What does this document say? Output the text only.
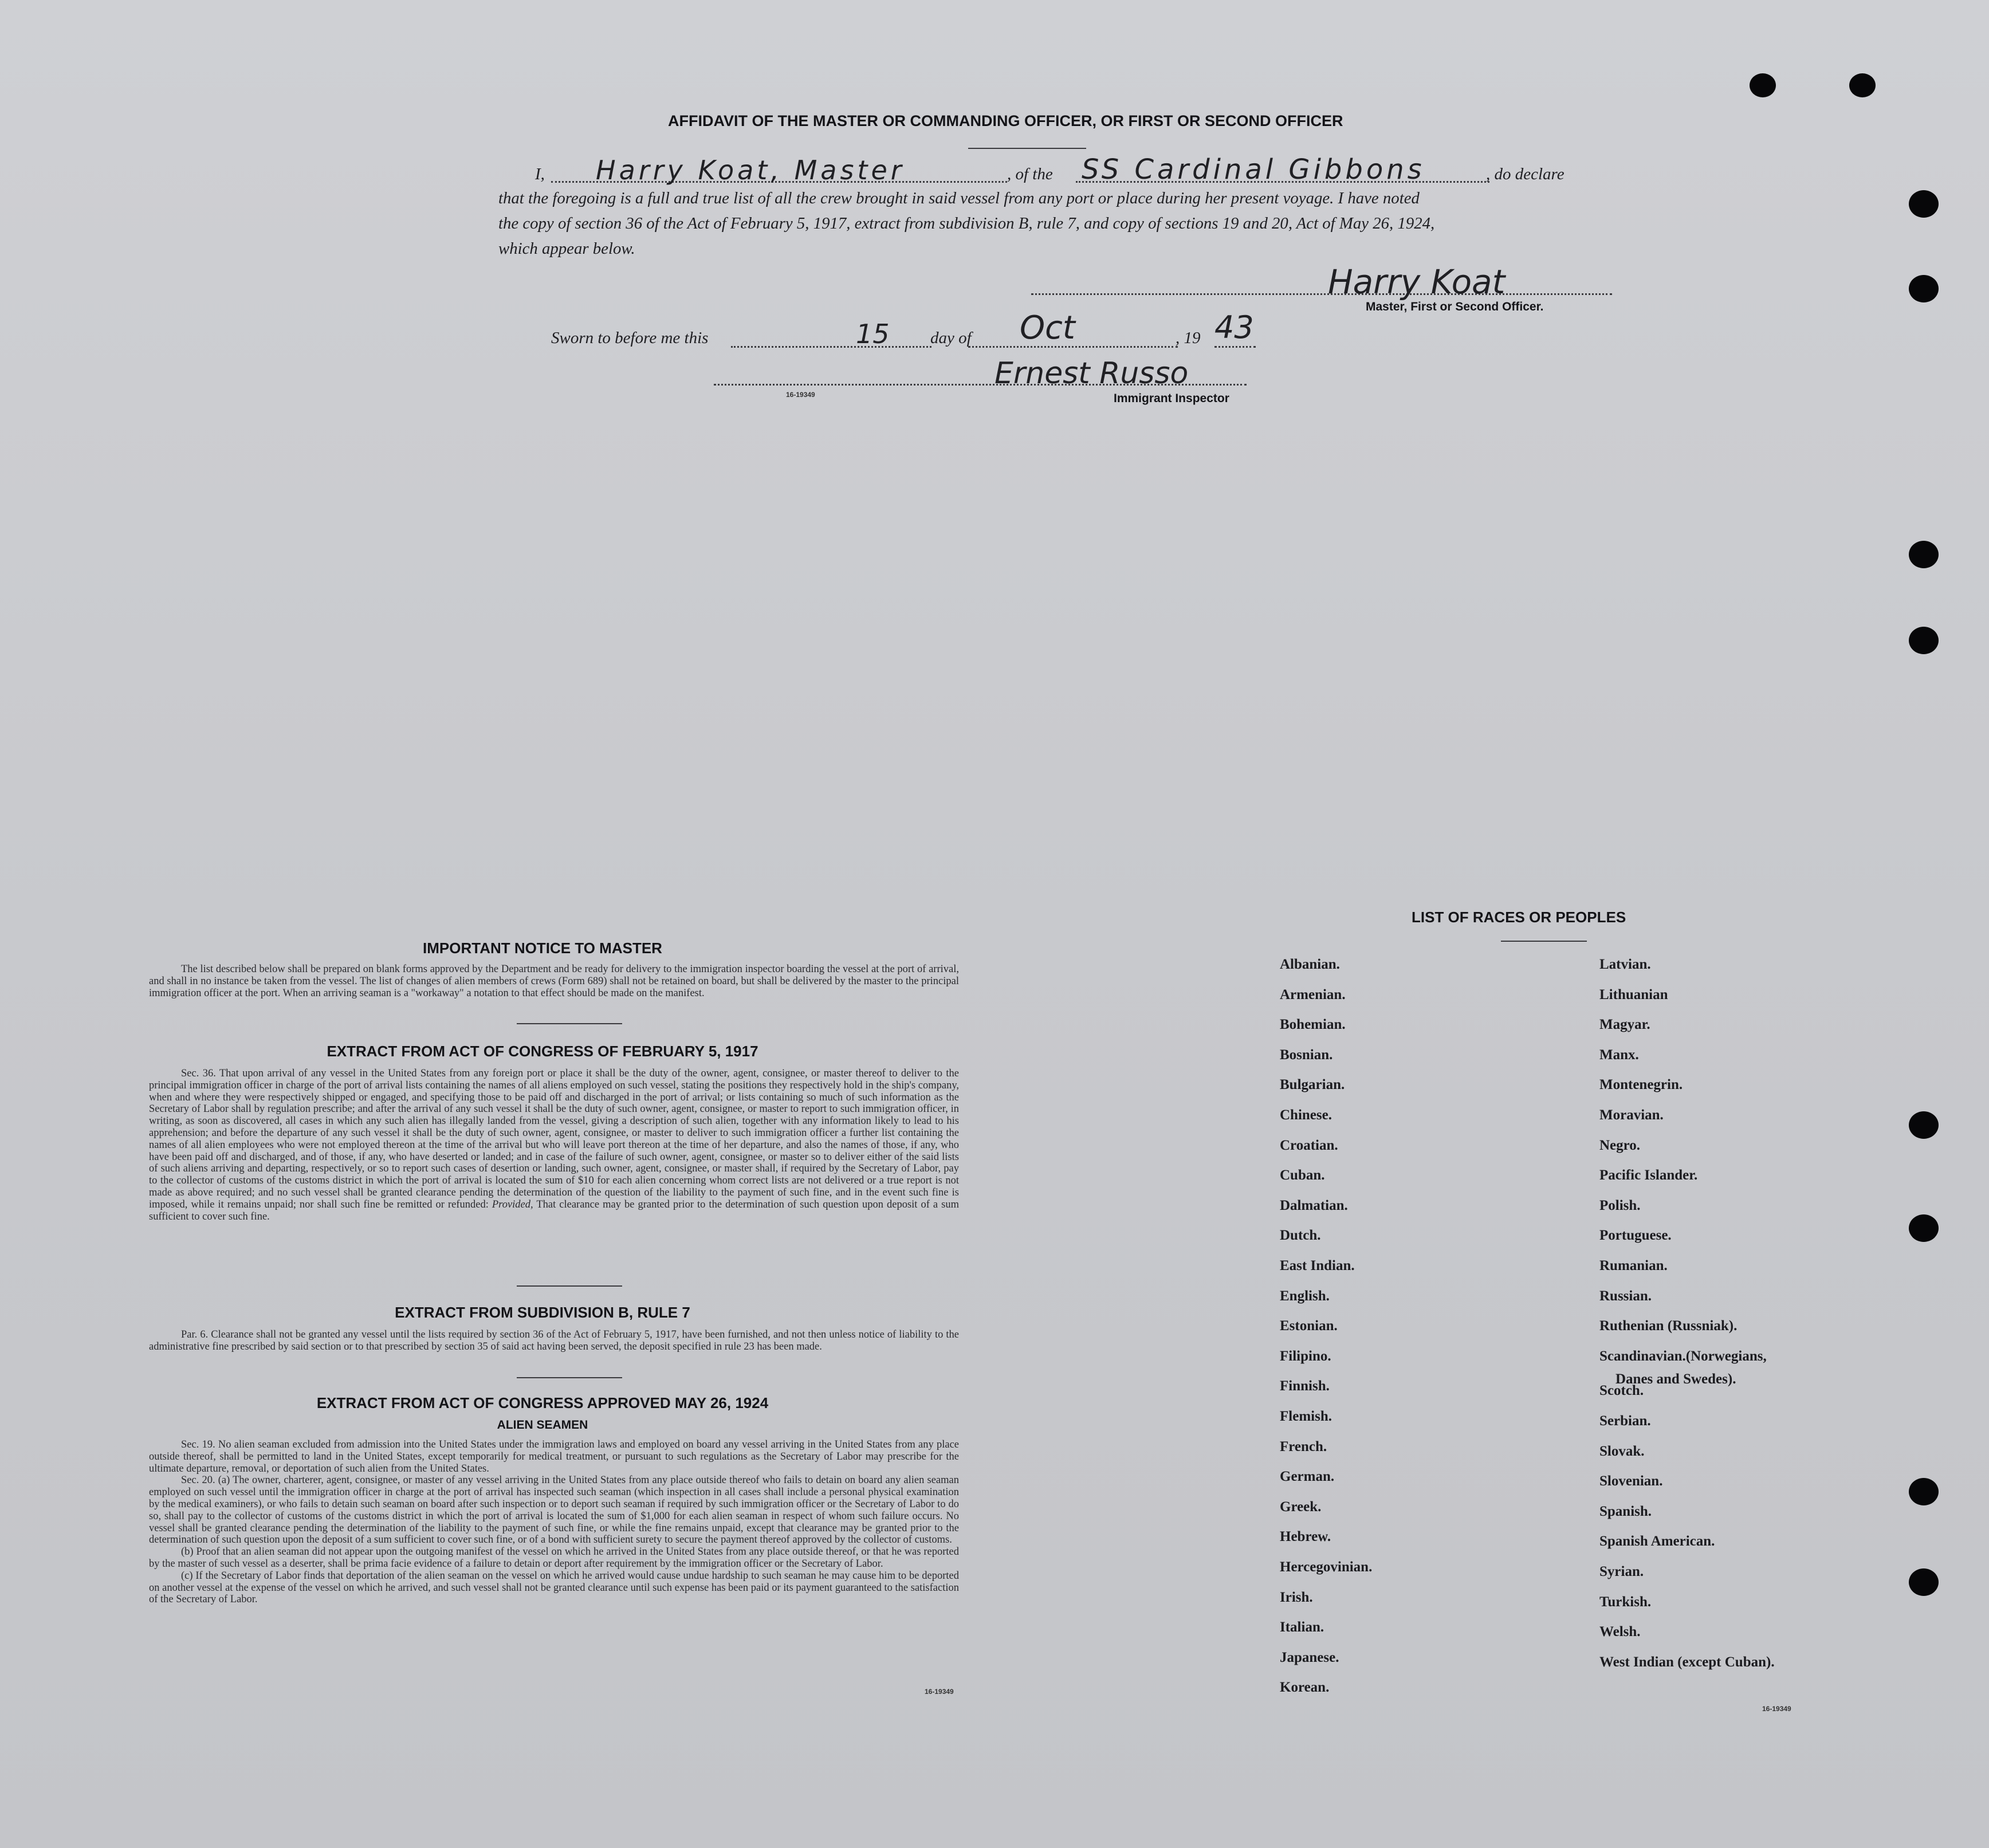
AFFIDAVIT OF THE MASTER OR COMMANDING OFFICER, OR FIRST OR SECOND OFFICER
I, Harry Koat, Master	, of the SS Cardinal Gibbons	, do declare
that the foregoing is a full and true list of all the crew brought in said vessel from any port or place during her present voyage. I have noted
the copy of section 36 of the Act of February 5, 1917, extract from subdivision B, rule 7, and copy of sections 19 and 20, Act of May 26, 1924,
which appear below.
Harry Koat
Master, First or Second Officer.
Sworn to before me this	15 day of Oct	, 19 43
Ernest Russo
Immigrant Inspector
16-19349
IMPORTANT NOTICE TO MASTER

The list described below shall be prepared on blank forms approved by the Department and be ready for delivery to the immigration inspector boarding the vessel at the port of arrival, and shall in no instance be taken from the vessel. The list of changes of alien members of crews (Form 689) shall not be retained on board, but shall be delivered by the master to the principal immigration officer at the port. When an arriving seaman is a "workaway" a notation to that effect should be made on the manifest.

EXTRACT FROM ACT OF CONGRESS OF FEBRUARY 5, 1917

Sec. 36. That upon arrival of any vessel in the United States from any foreign port or place it shall be the duty of the owner, agent, consignee, or master thereof to deliver to the principal immigration officer in charge of the port of arrival lists containing the names of all aliens employed on such vessel, stating the positions they respectively hold in the ship's company, when and where they were respectively shipped or engaged, and specifying those to be paid off and discharged in the port of arrival; or lists containing so much of such information as the Secretary of Labor shall by regulation prescribe; and after the arrival of any such vessel it shall be the duty of such owner, agent, consignee, or master to report to such immigration officer, in writing, as soon as discovered, all cases in which any such alien has illegally landed from the vessel, giving a description of such alien, together with any information likely to lead to his apprehension; and before the departure of any such vessel it shall be the duty of such owner, agent, consignee, or master to deliver to such immigration officer a further list containing the names of all alien employees who were not employed thereon at the time of the arrival but who will leave port thereon at the time of her departure, and also the names of those, if any, who have been paid off and discharged, and of those, if any, who have deserted or landed; and in case of the failure of such owner, agent, consignee, or master so to deliver either of the said lists of such aliens arriving and departing, respectively, or so to report such cases of desertion or landing, such owner, agent, consignee, or master shall, if required by the Secretary of Labor, pay to the collector of customs of the customs district in which the port of arrival is located the sum of $10 for each alien concerning whom correct lists are not delivered or a true report is not made as above required; and no such vessel shall be granted clearance pending the determination of the question of the liability to the payment of such fine, and in the event such fine is imposed, while it remains unpaid; nor shall such fine be remitted or refunded: Provided, That clearance may be granted prior to the determination of such question upon deposit of a sum sufficient to cover such fine.

EXTRACT FROM SUBDIVISION B, RULE 7

Par. 6. Clearance shall not be granted any vessel until the lists required by section 36 of the Act of February 5, 1917, have been furnished, and not then unless notice of liability to the administrative fine prescribed by said section or to that prescribed by section 35 of said act having been served, the deposit specified in rule 23 has been made.

EXTRACT FROM ACT OF CONGRESS APPROVED MAY 26, 1924
ALIEN SEAMEN

Sec. 19. No alien seaman excluded from admission into the United States under the immigration laws and employed on board any vessel arriving in the United States from any place outside thereof, shall be permitted to land in the United States, except temporarily for medical treatment, or pursuant to such regulations as the Secretary of Labor may prescribe for the ultimate departure, removal, or deportation of such alien from the United States.

Sec. 20. (a) The owner, charterer, agent, consignee, or master of any vessel arriving in the United States from any place outside thereof who fails to detain on board any alien seaman employed on such vessel until the immigration officer in charge at the port of arrival has inspected such seaman (which inspection in all cases shall include a personal physical examination by the medical examiners), or who fails to detain such seaman on board after such inspection or to deport such seaman if required by such immigration officer or the Secretary of Labor to do so, shall pay to the collector of customs of the customs district in which the port of arrival is located the sum of $1,000 for each alien seaman in respect of whom such failure occurs. No vessel shall be granted clearance pending the determination of the liability to the payment of such fine, or while the fine remains unpaid, except that clearance may be granted prior to the determination of such question upon the deposit of a sum sufficient to cover such fine, or of a bond with sufficient surety to secure the payment thereof approved by the collector of customs.

(b) Proof that an alien seaman did not appear upon the outgoing manifest of the vessel on which he arrived in the United States from any place outside thereof, or that he was reported by the master of such vessel as a deserter, shall be prima facie evidence of a failure to detain or deport after requirement by the immigration officer or the Secretary of Labor.

(c) If the Secretary of Labor finds that deportation of the alien seaman on the vessel on which he arrived would cause undue hardship to such seaman he may cause him to be deported on another vessel at the expense of the vessel on which he arrived, and such vessel shall not be granted clearance until such expense has been paid or its payment guaranteed to the satisfaction of the Secretary of Labor.

16-19349
LIST OF RACES OR PEOPLES
Albanian.
Armenian.
Bohemian.
Bosnian.
Bulgarian.
Chinese.
Croatian.
Cuban.
Dalmatian.
Dutch.
East Indian.
English.
Estonian.
Filipino.
Finnish.
Flemish.
French.
German.
Greek.
Hebrew.
Hercegovinian.
Irish.
Italian.
Japanese.
Korean.
Latvian.
Lithuanian
Magyar.
Manx.
Montenegrin.
Moravian.
Negro.
Pacific Islander.
Polish.
Portuguese.
Rumanian.
Russian.
Ruthenian (Russniak).
Scandinavian.(Norwegians,
Scotch.
Serbian.
Slovak.
Slovenian.
Spanish.
Spanish American.
Syrian.
Turkish.
Welsh.
West Indian (except Cuban).
Danes and Swedes).
16-19349
